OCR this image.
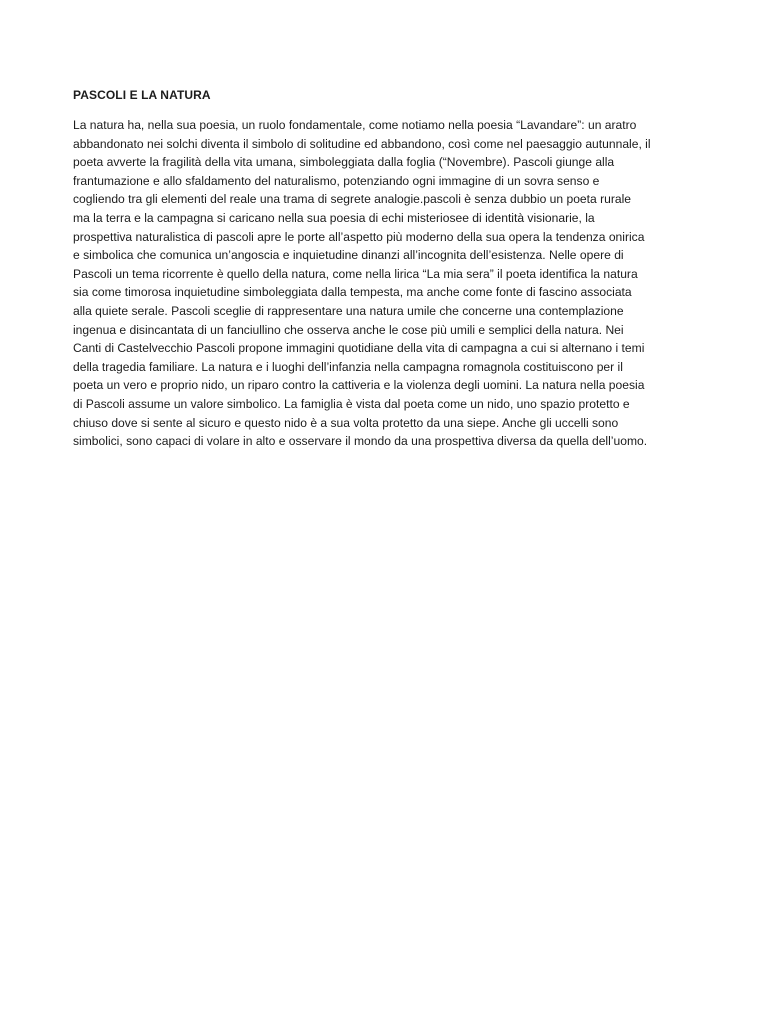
PASCOLI E LA NATURA

La natura ha, nella sua poesia, un ruolo fondamentale, come notiamo nella poesia “Lavandare”: un aratro
abbandonato nei solchi diventa il simbolo di solitudine ed abbandono, così come nel paesaggio autunnale, il
poeta avverte la fragilità della vita umana, simboleggiata dalla foglia (“Novembre). Pascoli giunge alla
frantumazione e allo sfaldamento del naturalismo, potenziando ogni immagine di un sovra senso e
cogliendo tra gli elementi del reale una trama di segrete analogie.pascoli è senza dubbio un poeta rurale
ma la terra e la campagna si caricano nella sua poesia di echi misteriosee di identità visionarie, la
prospettiva naturalistica di pascoli apre le porte all’aspetto più moderno della sua opera la tendenza onirica
e simbolica che comunica un’angoscia e inquietudine dinanzi all’incognita dell’esistenza. Nelle opere di
Pascoli un tema ricorrente è quello della natura, come nella lirica “La mia sera” il poeta identifica la natura
sia come timorosa inquietudine simboleggiata dalla tempesta, ma anche come fonte di fascino associata
alla quiete serale. Pascoli sceglie di rappresentare una natura umile che concerne una contemplazione
ingenua e disincantata di un fanciullino che osserva anche le cose più umili e semplici della natura. Nei
Canti di Castelvecchio Pascoli propone immagini quotidiane della vita di campagna a cui si alternano i temi
della tragedia familiare. La natura e i luoghi dell’infanzia nella campagna romagnola costituiscono per il
poeta un vero e proprio nido, un riparo contro la cattiveria e la violenza degli uomini. La natura nella poesia
di Pascoli assume un valore simbolico. La famiglia è vista dal poeta come un nido, uno spazio protetto e
chiuso dove si sente al sicuro e questo nido è a sua volta protetto da una siepe. Anche gli uccelli sono
simbolici, sono capaci di volare in alto e osservare il mondo da una prospettiva diversa da quella dell’uomo.
